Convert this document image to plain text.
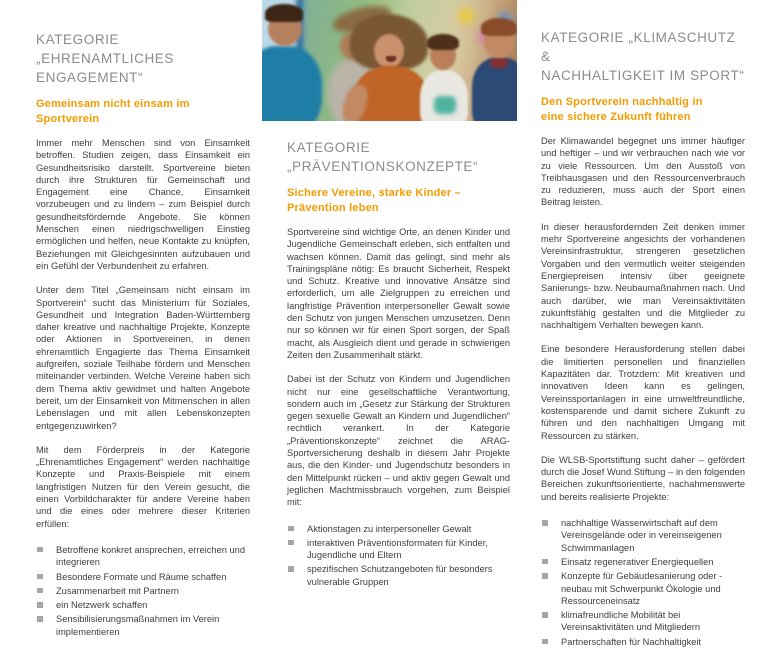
KATEGORIE
„EHRENAMTLICHES ENGAGEMENT“
Gemeinsam nicht einsam im Sportverein

Immer mehr Menschen sind von Einsamkeit betroffen. Studien zeigen, dass Einsamkeit ein Gesundheitsrisiko darstellt. Sportvereine bieten durch ihre Strukturen für Gemeinschaft und Engagement eine Chance, Einsamkeit vorzubeugen und zu lindern – zum Beispiel durch gesundheitsfördernde Angebote. Sie können Menschen einen niedrigschwelligen Einstieg ermöglichen und helfen, neue Kontakte zu knüpfen, Beziehungen mit Gleichgesinnten aufzubauen und ein Gefühl der Verbundenheit zu erfahren.

Unter dem Titel „Gemeinsam nicht einsam im Sportverein“ sucht das Ministerium für Soziales, Gesundheit und Integration Baden-Württemberg daher kreative und nachhaltige Projekte, Konzepte oder Aktionen in Sportvereinen, in denen ehrenamtlich Engagierte das Thema Einsamkeit aufgreifen, soziale Teilhabe fördern und Menschen miteinander verbinden. Welche Vereine haben sich dem Thema aktiv gewidmet und halten Angebote bereit, um der Einsamkeit von Mitmenschen in allen Lebenslagen und mit allen Lebenskonzepten entgegenzuwirken?

Mit dem Förderpreis in der Kategorie „Ehrenamtliches Engagement“ werden nachhaltige Konzepte und Praxis-Beispiele mit einem langfristigen Nutzen für den Verein gesucht, die einen Vorbildcharakter für andere Vereine haben und die eines oder mehrere dieser Kriterien erfüllen:

Betroffene konkret ansprechen, erreichen und integrieren
Besondere Formate und Räume schaffen
Zusammenarbeit mit Partnern
ein Netzwerk schaffen
Sensibilisierungsmaßnahmen im Verein implementieren
KATEGORIE
„PRÄVENTIONSKONZEPTE“
Sichere Vereine, starke Kinder –
Prävention leben

Sportvereine sind wichtige Orte, an denen Kinder und Jugendliche Gemeinschaft erleben, sich entfalten und wachsen können. Damit das gelingt, sind mehr als Trainingspläne nötig: Es braucht Sicherheit, Respekt und Schutz. Kreative und innovative Ansätze sind erforderlich, um alle Zielgruppen zu erreichen und langfristige Prävention interpersoneller Gewalt sowie den Schutz von jungen Menschen umzusetzen. Denn nur so können wir für einen Sport sorgen, der Spaß macht, als Ausgleich dient und gerade in schwierigen Zeiten den Zusammenhalt stärkt.

Dabei ist der Schutz von Kindern und Jugendlichen nicht nur eine gesellschaftliche Verantwortung, sondern auch im „Gesetz zur Stärkung der Strukturen gegen sexuelle Gewalt an Kindern und Jugendlichen“ rechtlich verankert. In der Kategorie „Präventionskonzepte“ zeichnet die ARAG-Sportversicherung deshalb in diesem Jahr Projekte aus, die den Kinder- und Jugendschutz besonders in den Mittelpunkt rücken – und aktiv gegen Gewalt und jeglichen Machtmissbrauch vorgehen, zum Beispiel mit:

Aktionstagen zu interpersoneller Gewalt
interaktiven Präventionsformaten für Kinder, Jugendliche und Eltern
spezifischen Schutzangeboten für besonders vulnerable Gruppen
KATEGORIE „KLIMASCHUTZ &
NACHHALTIGKEIT IM SPORT“
Den Sportverein nachhaltig in
eine sichere Zukunft führen

Der Klimawandel begegnet uns immer häufiger und heftiger – und wir verbrauchen nach wie vor zu viele Ressourcen. Um den Ausstoß von Treibhausgasen und den Ressourcenverbrauch zu reduzieren, muss auch der Sport einen Beitrag leisten.

In dieser herausfordernden Zeit denken immer mehr Sportvereine angesichts der vorhandenen Vereinsinfrastruktur, strengeren gesetzlichen Vorgaben und den vermutlich weiter steigenden Energiepreisen intensiv über geeignete Sanierungs- bzw. Neubaumaßnahmen nach. Und auch darüber, wie man Vereinsaktivitäten zukunftsfähig gestalten und die Mitglieder zu nachhaltigem Verhalten bewegen kann.

Eine besondere Herausforderung stellen dabei die limitierten personellen und finanziellen Kapazitäten dar. Trotzdem: Mit kreativen und innovativen Ideen kann es gelingen, Vereinssportanlagen in eine umweltfreundliche, kostensparende und damit sichere Zukunft zu führen und den nachhaltigen Umgang mit Ressourcen zu stärken.

Die WLSB-Sportstiftung sucht daher – gefördert durch die Josef Wund Stiftung – in den folgenden Bereichen zukunftsorientierte, nachahmenswerte und bereits realisierte Projekte:

nachhaltige Wasserwirtschaft auf dem Vereinsgelände oder in vereinseigenen Schwimmanlagen
Einsatz regenerativer Energiequellen
Konzepte für Gebäudesanierung oder -neubau mit Schwerpunkt Ökologie und Ressourceneinsatz
klimafreundliche Mobilität bei Vereinsaktivitäten und Mitgliedern
Partnerschaften für Nachhaltigkeit
